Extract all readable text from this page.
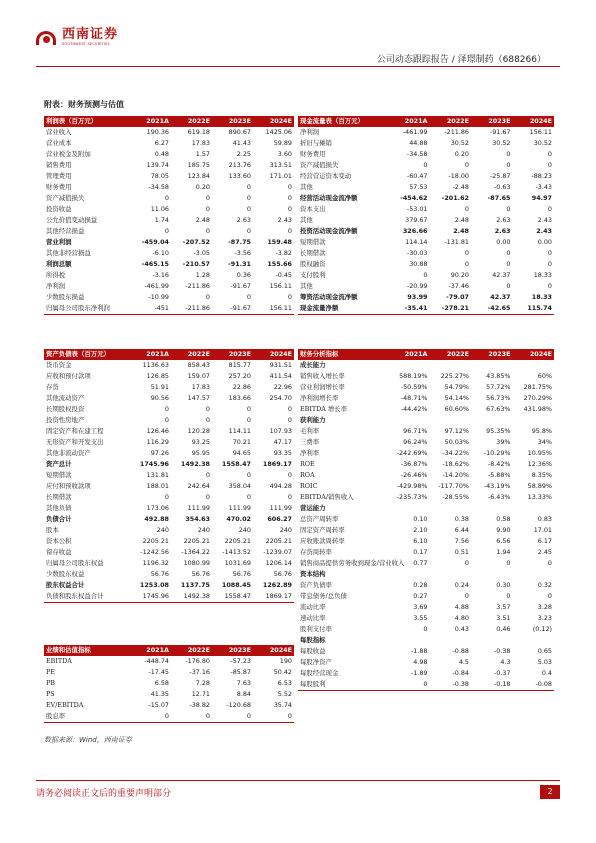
西南证券
SOUTHWEST SECURITIES
公司动态跟踪报告 / 泽璟制药（688266）
附表：财务预测与估值
利润表（百万元）	2021A	2022E	2023E	2024E
营业收入	190.36	619.18	890.67	1425.06
营业成本	6.27	17.83	41.43	59.89
营业税金及附加	0.48	1.57	2.25	3.60
销售费用	139.74	185.75	213.76	313.51
管理费用	78.05	123.84	133.60	171.01
财务费用	-34.58	0.20	0	0
资产减值损失	0	0	0	0
投资收益	11.06	0	0	0
公允价值变动损益	1.74	2.48	2.63	2.43
其他经营损益	0	0	0	0
营业利润	-459.04	-207.52	-87.75	159.48
其他非经营损益	-6.10	-3.05	-3.56	-3.82
利润总额	-465.15	-210.57	-91.31	155.66
所得税	-3.16	1.28	0.36	-0.45
净利润	-461.99	-211.86	-91.67	156.11
少数股东损益	-10.99	0	0	0
归属母公司股东净利润	-451	-211.86	-91.67	156.11
现金流量表（百万元）	2021A	2022E	2023E	2024E
净利润	-461.99	-211.86	-91.67	156.11
折旧与摊销	44.88	30.52	30.52	30.52
财务费用	-34.58	0.20	0	0
资产减值损失	0	0	0	0
经营营运资本变动	-60.47	-18.00	-25.87	-88.23
其他	57.53	-2.48	-0.63	-3.43
经营活动现金流净额	-454.62	-201.62	-87.65	94.97
资本支出	-53.01	0	0	0
其他	379.67	2.48	2.63	2.43
投资活动现金流净额	326.66	2.48	2.63	2.43
短期借款	114.14	-131.81	0.00	0.00
长期借款	-30.03	0	0	0
股权融资	30.88	0	0	0
支付股利	0	90.20	42.37	18.33
其他	-20.99	-37.46	0	0
筹资活动现金流净额	93.99	-79.07	42.37	18.33
现金流量净额	-35.41	-278.21	-42.65	115.74
资产负债表（百万元）	2021A	2022E	2023E	2024E
货币资金	1136.63	858.43	815.77	931.51
应收和预付款项	126.85	159.07	257.20	411.54
存货	51.91	17.83	22.86	22.96
其他流动资产	90.56	147.57	183.66	254.70
长期股权投资	0	0	0	0
投资性房地产	0	0	0	0
固定资产和在建工程	126.46	120.28	114.11	107.93
无形资产和开发支出	116.29	93.25	70.21	47.17
其他非流动资产	97.26	95.95	94.65	93.35
资产总计	1745.96	1492.38	1558.47	1869.17
短期借款	131.81	0	0	0
应付和预收款项	188.01	242.64	358.04	494.28
长期借款	0	0	0	0
其他负债	173.06	111.99	111.99	111.99
负债合计	492.88	354.63	470.02	606.27
股本	240	240	240	240
资本公积	2205.21	2205.21	2205.21	2205.21
留存收益	-1242.56	-1364.22	-1413.52	-1239.07
归属母公司股东权益	1196.32	1080.99	1031.69	1206.14
少数股东权益	56.76	56.76	56.76	56.76
股东权益合计	1253.08	1137.75	1088.45	1262.89
负债和股东权益合计	1745.96	1492.38	1558.47	1869.17
财务分析指标	2021A	2022E	2023E	2024E
成长能力				
销售收入增长率	588.19%	225.27%	43.85%	60%
营业利润增长率	-50.59%	54.79%	57.72%	281.75%
净利润增长率	-48.71%	54.14%	56.73%	270.29%
EBITDA 增长率	-44.42%	60.60%	67.63%	431.98%
获利能力				
毛利率	96.71%	97.12%	95.35%	95.8%
三费率	96.24%	50.03%	39%	34%
净利率	-242.69%	-34.22%	-10.29%	10.95%
ROE	-36.87%	-18.62%	-8.42%	12.36%
ROA	-26.46%	-14.20%	-5.88%	8.35%
ROIC	-429.98%	-117.70%	-43.19%	58.89%
EBITDA/销售收入	-235.73%	-28.55%	-6.43%	13.33%
营运能力				
总资产周转率	0.10	0.38	0.58	0.83
固定资产周转率	2.10	6.44	9.90	17.01
应收账款周转率	6.10	7.56	6.56	6.17
存货周转率	0.17	0.51	1.94	2.45
销售商品提供劳务收到现金/营业收入	0.77	0	0	0
资本结构				
资产负债率	0.28	0.24	0.30	0.32
带息债务/总负债	0.27	0	0	0
流动比率	3.69	4.88	3.57	3.28
速动比率	3.55	4.80	3.51	3.23
股利支付率	0	0.43	0.46	(0.12)
每股指标				
每股收益	-1.88	-0.88	-0.38	0.65
每股净资产	4.98	4.5	4.3	5.03
每股经营现金	-1.89	-0.84	-0.37	0.4
每股股利	0	-0.38	-0.18	-0.08
业绩和估值指标	2021A	2022E	2023E	2024E
EBITDA	-448.74	-176.80	-57.23	190
PE	-17.45	-37.16	-85.87	50.42
PB	6.58	7.28	7.63	6.53
PS	41.35	12.71	8.84	5.52
EV/EBITDA	-15.07	-38.82	-120.68	35.74
股息率	0	0	0	0
数据来源：Wind，西南证券
请务必阅读正文后的重要声明部分	2
